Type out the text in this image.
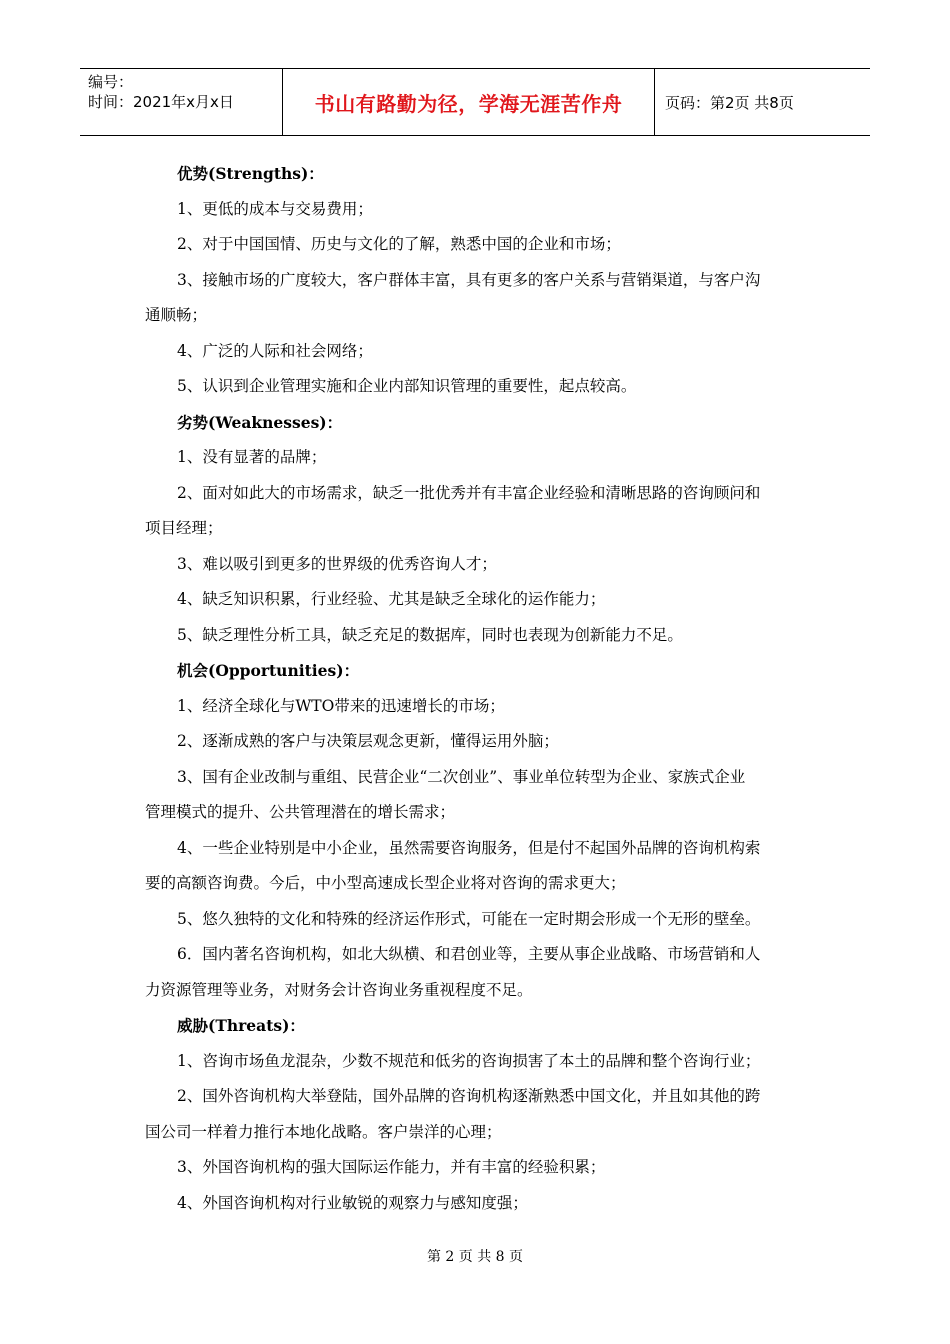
编号：
时间：2021年x月x日	书山有路勤为径，学海无涯苦作舟	页码：第2页 共8页
优势(Strengths)：
1、更低的成本与交易费用；
2、对于中国国情、历史与文化的了解，熟悉中国的企业和市场；
3、接触市场的广度较大，客户群体丰富，具有更多的客户关系与营销渠道，与客户沟
通顺畅；
4、广泛的人际和社会网络；
5、认识到企业管理实施和企业内部知识管理的重要性，起点较高。
劣势(Weaknesses)：
1、没有显著的品牌；
2、面对如此大的市场需求，缺乏一批优秀并有丰富企业经验和清晰思路的咨询顾问和
项目经理；
3、难以吸引到更多的世界级的优秀咨询人才；
4、缺乏知识积累，行业经验、尤其是缺乏全球化的运作能力；
5、缺乏理性分析工具，缺乏充足的数据库，同时也表现为创新能力不足。
机会(Opportunities)：
1、经济全球化与WTO带来的迅速增长的市场；
2、逐渐成熟的客户与决策层观念更新，懂得运用外脑；
3、国有企业改制与重组、民营企业“二次创业”、事业单位转型为企业、家族式企业
管理模式的提升、公共管理潜在的增长需求；
4、一些企业特别是中小企业，虽然需要咨询服务，但是付不起国外品牌的咨询机构索
要的高额咨询费。今后，中小型高速成长型企业将对咨询的需求更大；
5、悠久独特的文化和特殊的经济运作形式，可能在一定时期会形成一个无形的壁垒。
6．国内著名咨询机构，如北大纵横、和君创业等，主要从事企业战略、市场营销和人
力资源管理等业务，对财务会计咨询业务重视程度不足。
威胁(Threats)：
1、咨询市场鱼龙混杂，少数不规范和低劣的咨询损害了本土的品牌和整个咨询行业；
2、国外咨询机构大举登陆，国外品牌的咨询机构逐渐熟悉中国文化，并且如其他的跨
国公司一样着力推行本地化战略。客户崇洋的心理；
3、外国咨询机构的强大国际运作能力，并有丰富的经验积累；
4、外国咨询机构对行业敏锐的观察力与感知度强；
第 2 页 共 8 页
